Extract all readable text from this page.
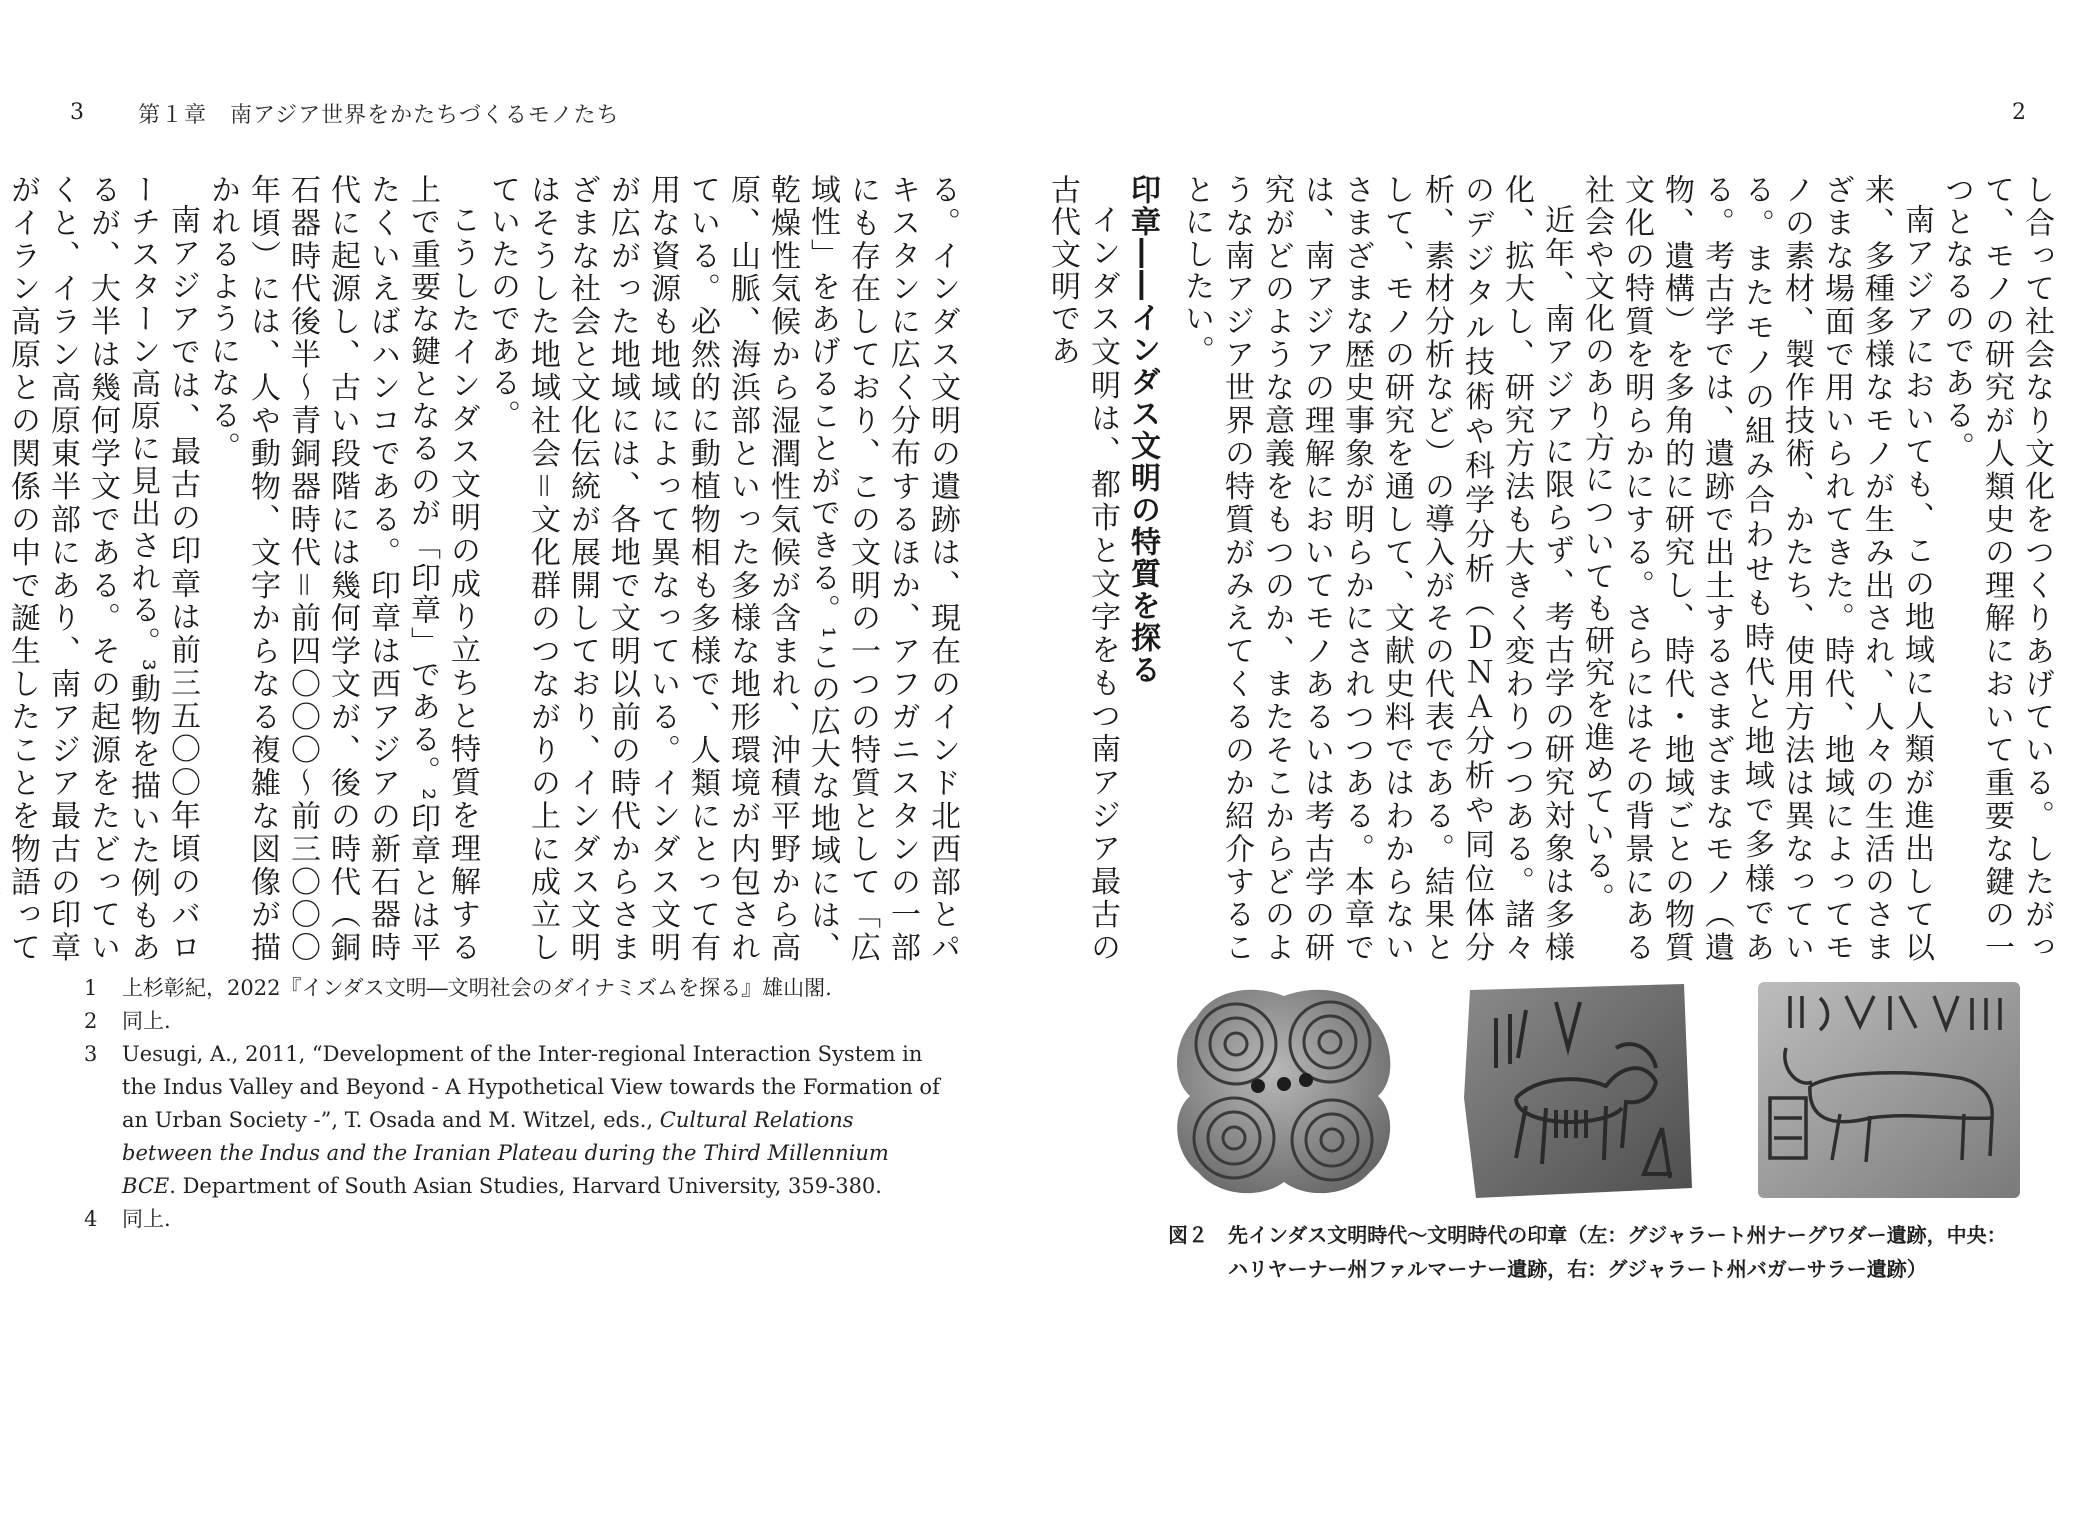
3 第１章　南アジア世界をかたちづくるモノたち

る。インダス文明の遺跡は、現在のインド北西部とパキスタンに広く分布するほか、アフガニスタンの一部にも存在しており、この文明の一つの特質として「広域性」をあげることができる。¹この広大な地域には、乾燥性気候から湿潤性気候が含まれ、沖積平野から高原、山脈、海浜部といった多様な地形環境が内包されている。必然的に動植物相も多様で、人類にとって有用な資源も地域によって異なっている。インダス文明が広がった地域には、各地で文明以前の時代からさまざまな社会と文化伝統が展開しており、インダス文明はそうした地域社会＝文化群のつながりの上に成立していたのである。

こうしたインダス文明の成り立ちと特質を理解する上で重要な鍵となるのが「印章」である。²印章とは平たくいえばハンコである。印章は西アジアの新石器時代に起源し、古い段階には幾何学文が、後の時代（銅石器時代後半～青銅器時代＝前四〇〇〇～前三〇〇〇年頃）には、人や動物、文字からなる複雑な図像が描かれるようになる。

南アジアでは、最古の印章は前三五〇〇年頃のバローチスターン高原に見出される。³動物を描いた例もあるが、大半は幾何学文である。その起源をたどっていくと、イラン高原東半部にあり、南アジア最古の印章がイラン高原との関係の中で誕生したことを物語って

1	上杉彰紀，2022『インダス文明―文明社会のダイナミズムを探る』雄山閣.
2	同上.
3	Uesugi, A., 2011, “Development of the Inter-regional Interaction System in the Indus Valley and Beyond - A Hypothetical View towards the Formation of an Urban Society -”, T. Osada and M. Witzel, eds., Cultural Relations between the Indus and the Iranian Plateau during the Third Millennium BCE. Department of South Asian Studies, Harvard University, 359-380.
4	同上.
2

し合って社会なり文化をつくりあげている。したがって、モノの研究が人類史の理解において重要な鍵の一つとなるのである。

南アジアにおいても、この地域に人類が進出して以来、多種多様なモノが生み出され、人々の生活のさまざまな場面で用いられてきた。時代、地域によってモノの素材、製作技術、かたち、使用方法は異なっている。またモノの組み合わせも時代と地域で多様である。考古学では、遺跡で出土するさまざまなモノ（遺物、遺構）を多角的に研究し、時代・地域ごとの物質文化の特質を明らかにする。さらにはその背景にある社会や文化のあり方についても研究を進めている。

近年、南アジアに限らず、考古学の研究対象は多様化、拡大し、研究方法も大きく変わりつつある。諸々のデジタル技術や科学分析（ＤＮＡ分析や同位体分析、素材分析など）の導入がその代表である。結果として、モノの研究を通して、文献史料ではわからないさまざまな歴史事象が明らかにされつつある。本章では、南アジアの理解においてモノあるいは考古学の研究がどのような意義をもつのか、またそこからどのような南アジア世界の特質がみえてくるのか紹介することにしたい。

印章――インダス文明の特質を探る

インダス文明は、都市と文字をもつ南アジア最古の古代文明であ

図２　先インダス文明時代～文明時代の印章（左：グジャラート州ナーグワダー遺跡，中央：
ハリヤーナー州ファルマーナー遺跡，右：グジャラート州バガーサラー遺跡）
